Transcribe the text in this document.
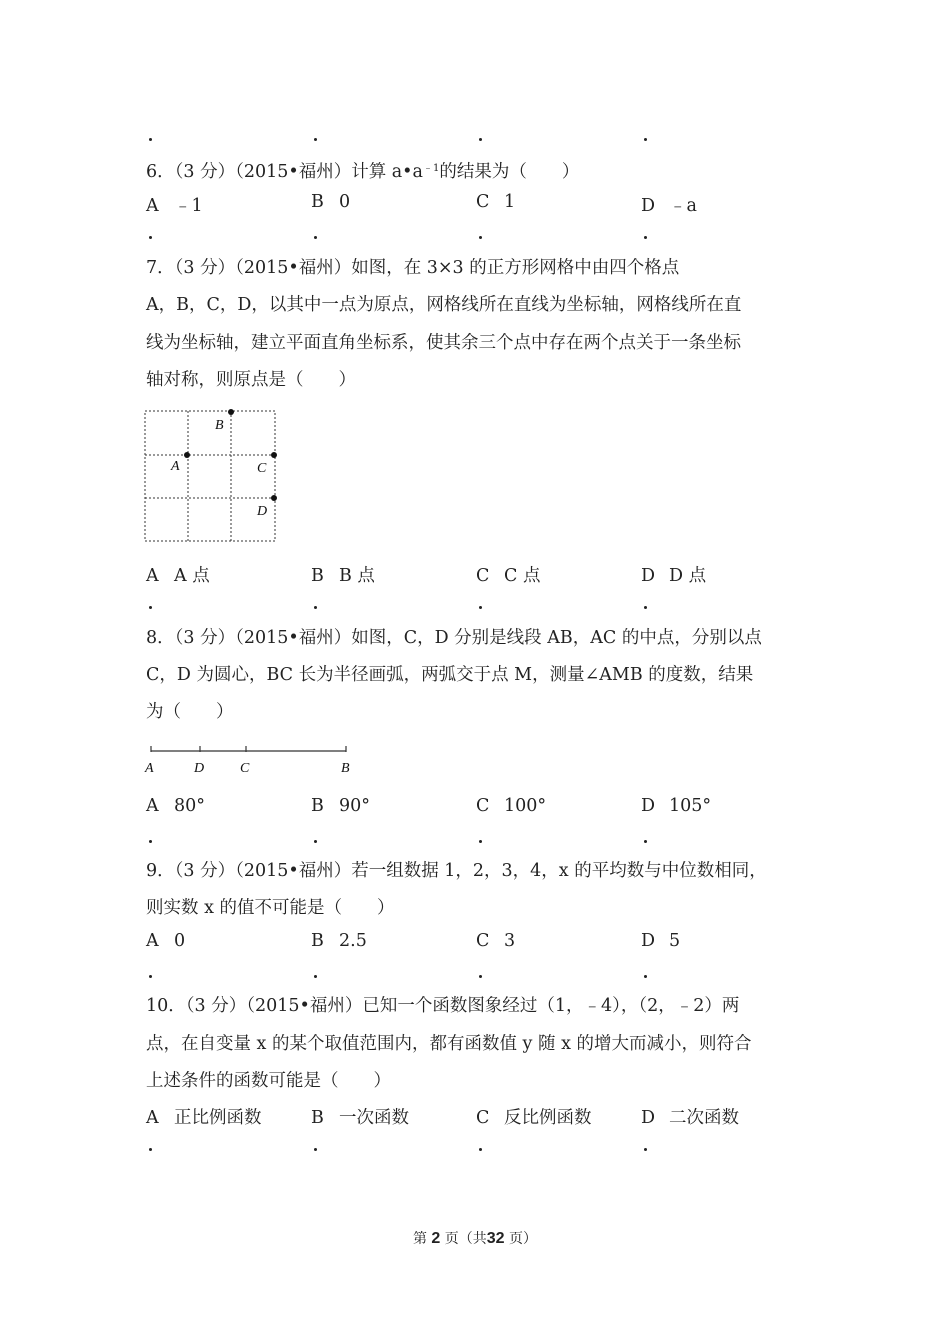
6．（3 分）（2015•福州）计算 $a•a^{﹣1}$的结果为（　　）
A ﹣1	B 0	C 1	D ﹣a
7．（3 分）（2015•福州）如图，在 3×3 的正方形网格中由四个格点
A，B，C，D，以其中一点为原点，网格线所在直线为坐标轴，网格线所在直
线为坐标轴，建立平面直角坐标系，使其余三个点中存在两个点关于一条坐标
轴对称，则原点是（　　）
B
A	C
D
A A 点	B B 点	C C 点	D D 点
8．（3 分）（2015•福州）如图，C，D 分别是线段 AB，AC 的中点，分别以点
C，D 为圆心，BC 长为半径画弧，两弧交于点 M，测量∠AMB 的度数，结果
为（　　）
A	D	C	B
A 80°	B 90°	C 100°	D 105°
9．（3 分）（2015•福州）若一组数据 1，2，3，4，x 的平均数与中位数相同，
则实数 x 的值不可能是（　　）
A 0	B 2.5	C 3	D 5
10．（3 分）（2015•福州）已知一个函数图象经过（1，﹣4），（2，﹣2）两
点，在自变量 x 的某个取值范围内，都有函数值 y 随 x 的增大而减小，则符合
上述条件的函数可能是（　　）
A 正比例函数	B 一次函数	C 反比例函数	D 二次函数
第 2 页（共32 页）
